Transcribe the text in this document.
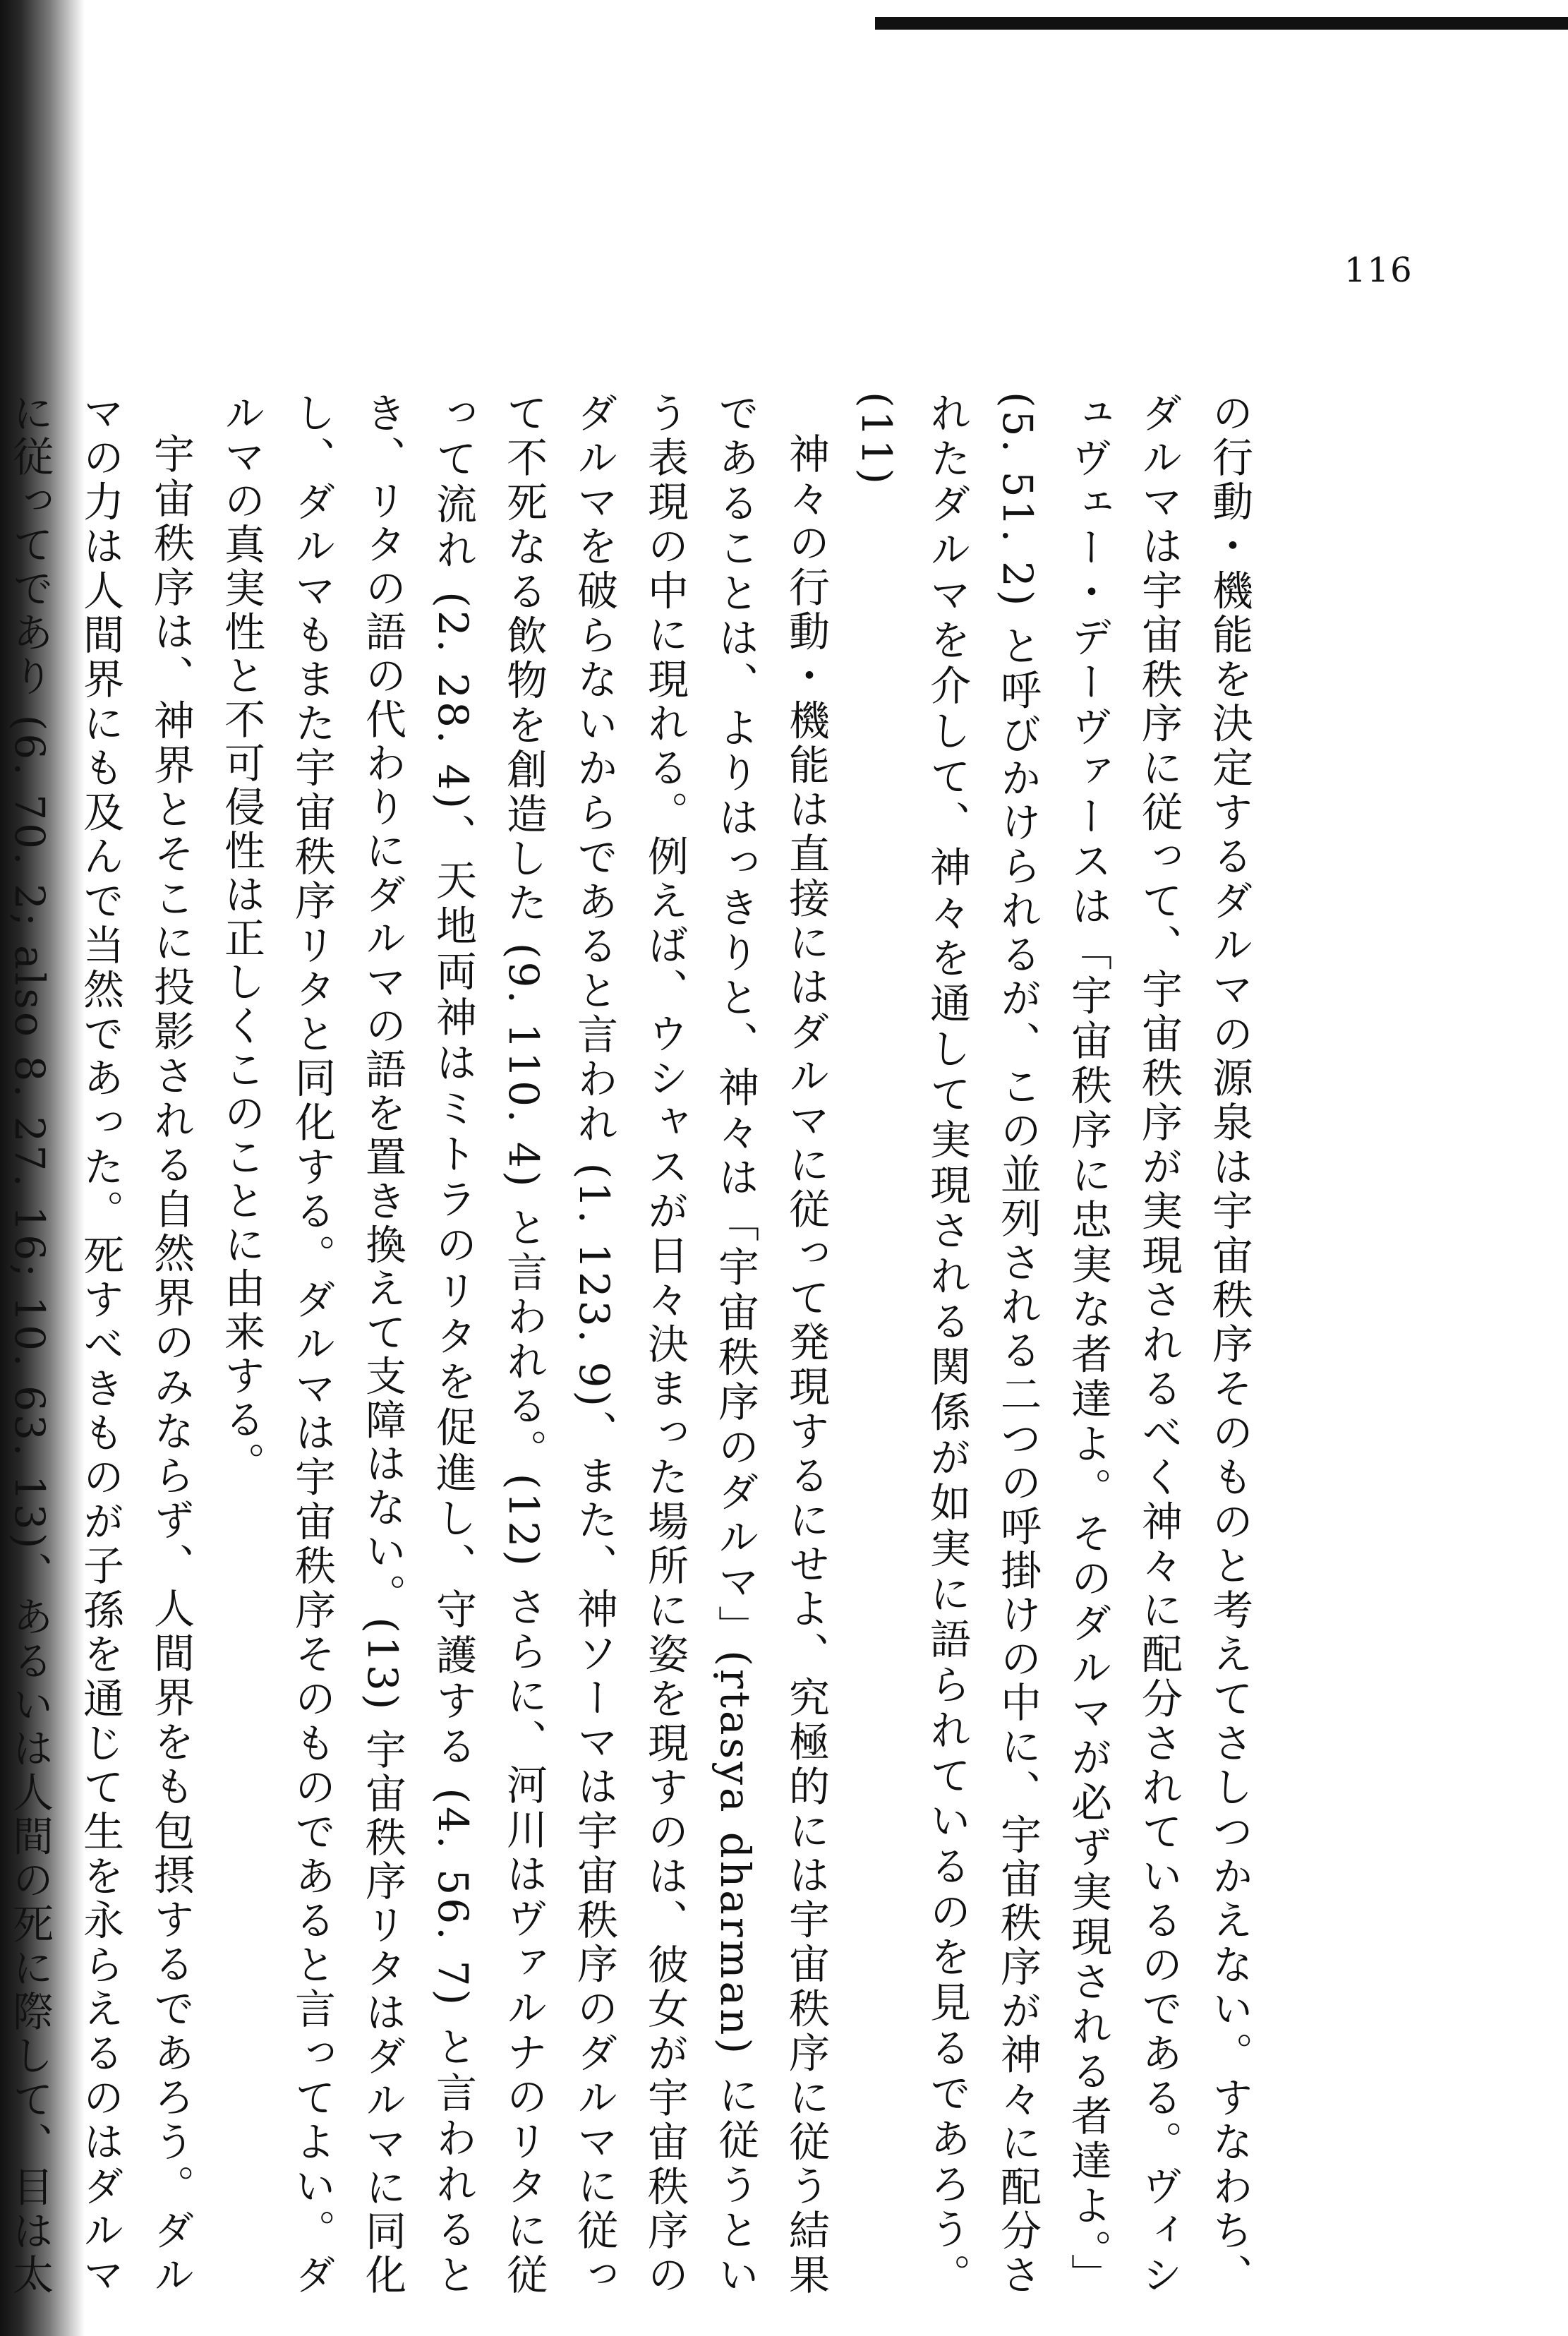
116

の行動・機能を決定するダルマの源泉は宇宙秩序そのものと考えてさしつかえない。すなわち、ダルマは宇宙秩序に従って、宇宙秩序が実現されるべく神々に配分されているのである。ヴィシュヴェー・デーヴァースは「宇宙秩序に忠実な者達よ。そのダルマが必ず実現される者達よ。」(5. 51. 2) と呼びかけられるが、この並列される二つの呼掛けの中に、宇宙秩序が神々に配分されたダルマを介して、神々を通して実現される関係が如実に語られているのを見るであろう。(11)

神々の行動・機能は直接にはダルマに従って発現するにせよ、究極的には宇宙秩序に従う結果であることは、よりはっきりと、神々は「宇宙秩序のダルマ」(ṛtasya dharman) に従うという表現の中に現れる。例えば、ウシャスが日々決まった場所に姿を現すのは、彼女が宇宙秩序のダルマを破らないからであると言われ (1. 123. 9)、また、神ソーマは宇宙秩序のダルマに従って不死なる飲物を創造した (9. 110. 4) と言われる。(12) さらに、河川はヴァルナのリタに従って流れ (2. 28. 4)、天地両神はミトラのリタを促進し、守護する (4. 56. 7) と言われるとき、リタの語の代わりにダルマの語を置き換えて支障はない。(13) 宇宙秩序リタはダルマに同化し、ダルマもまた宇宙秩序リタと同化する。ダルマは宇宙秩序そのものであると言ってよい。ダルマの真実性と不可侵性は正しくこのことに由来する。

宇宙秩序は、神界とそこに投影される自然界のみならず、人間界をも包摂するであろう。ダルマの力は人間界にも及んで当然であった。死すべきものが子孫を通じて生を永らえるのはダルマに従ってであり (6. 70. 2; also 8. 27. 16; 10. 63. 13)、あるいは人間の死に際して、目は太
